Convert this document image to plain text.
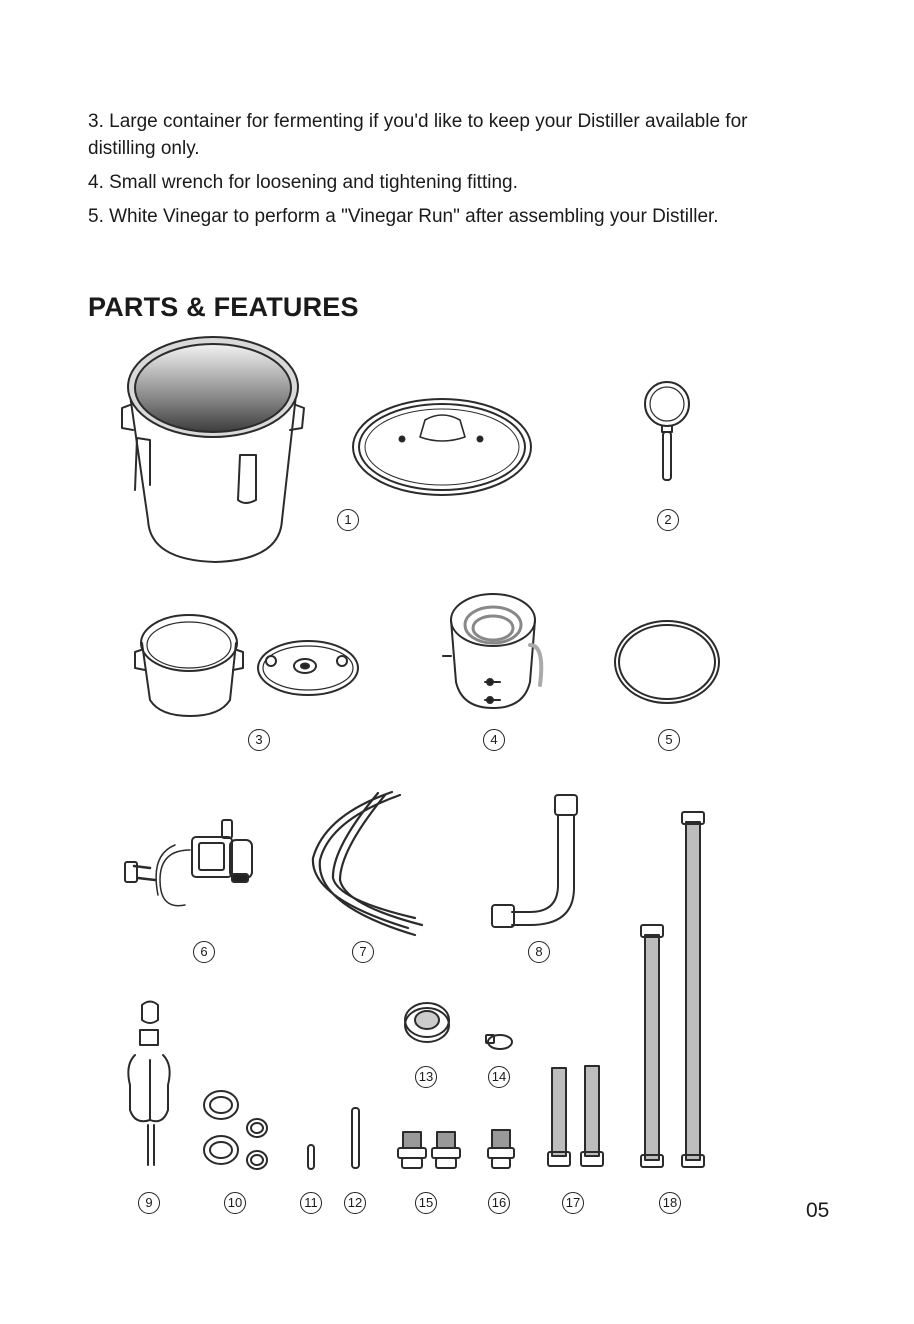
3. Large container for fermenting if you'd like to keep your Distiller available for distilling only.

4. Small wrench for loosening and tightening fitting.

5. White Vinegar to perform a "Vinegar Run" after assembling your Distiller.

PARTS & FEATURES
1	2
3	4	5
6	7	8
9	10	11	12
13	14
15	16	17	18	05
